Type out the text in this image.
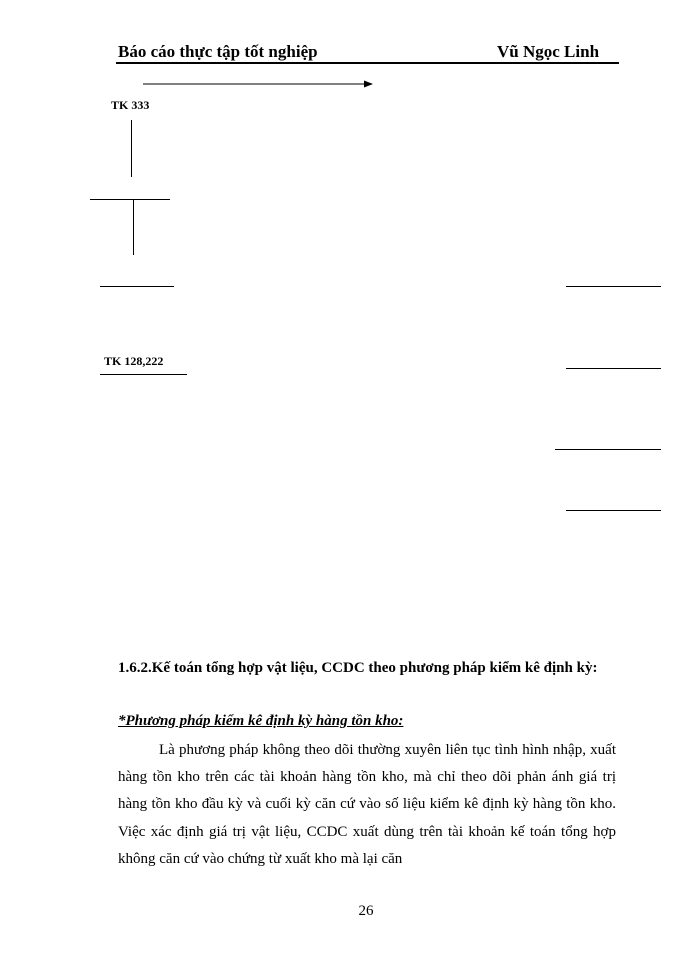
Báo cáo thực tập tốt nghiệp	Vũ Ngọc Linh
TK 333
TK 128,222
1.6.2.Kế toán tổng hợp vật liệu, CCDC theo phương pháp kiểm kê định kỳ:
*Phương pháp kiểm kê định kỳ hàng tồn kho:
Là phương pháp không theo dõi thường xuyên liên tục tình hình nhập, xuất hàng tồn kho trên các tài khoản hàng tồn kho, mà chỉ theo dõi phản ánh giá trị hàng tồn kho đầu kỳ và cuối kỳ căn cứ vào số liệu kiểm kê định kỳ hàng tồn kho. Việc xác định giá trị vật liệu, CCDC xuất dùng trên tài khoản kế toán tổng hợp không căn cứ vào chứng từ xuất kho mà lại căn
26
